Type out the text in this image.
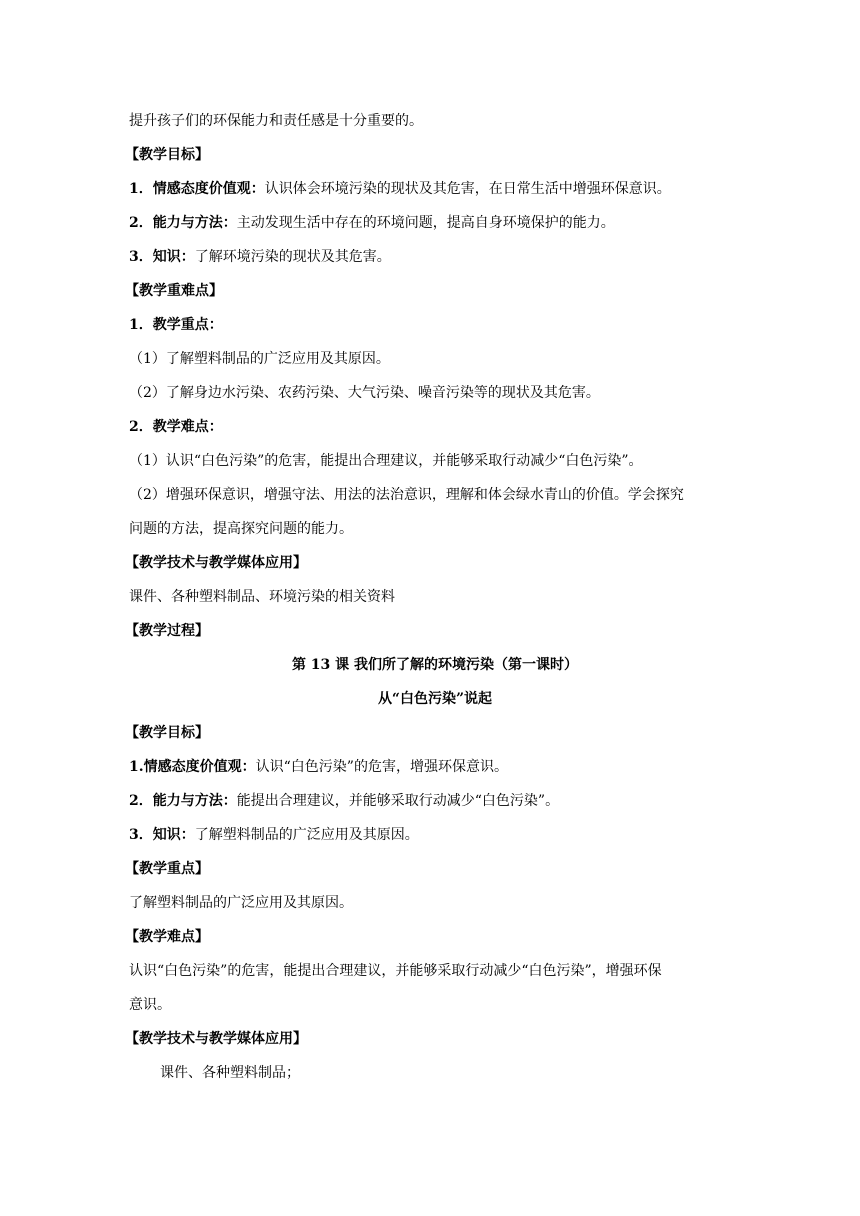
提升孩子们的环保能力和责任感是十分重要的。
【教学目标】
1．情感态度价值观：认识体会环境污染的现状及其危害，在日常生活中增强环保意识。
2．能力与方法：主动发现生活中存在的环境问题，提高自身环境保护的能力。
3．知识：了解环境污染的现状及其危害。
【教学重难点】
1．教学重点：
（1）了解塑料制品的广泛应用及其原因。
（2）了解身边水污染、农药污染、大气污染、噪音污染等的现状及其危害。
2．教学难点：
（1）认识“白色污染”的危害，能提出合理建议，并能够采取行动减少“白色污染”。
（2）增强环保意识，增强守法、用法的法治意识，理解和体会绿水青山的价值。学会探究
问题的方法，提高探究问题的能力。
【教学技术与教学媒体应用】
课件、各种塑料制品、环境污染的相关资料
【教学过程】
第 13 课 我们所了解的环境污染（第一课时）
从“白色污染”说起
【教学目标】
1.情感态度价值观：认识“白色污染”的危害，增强环保意识。
2．能力与方法：能提出合理建议，并能够采取行动减少“白色污染”。
3．知识：了解塑料制品的广泛应用及其原因。
【教学重点】
了解塑料制品的广泛应用及其原因。
【教学难点】
认识“白色污染”的危害，能提出合理建议，并能够采取行动减少“白色污染”，增强环保
意识。
【教学技术与教学媒体应用】
课件、各种塑料制品；
